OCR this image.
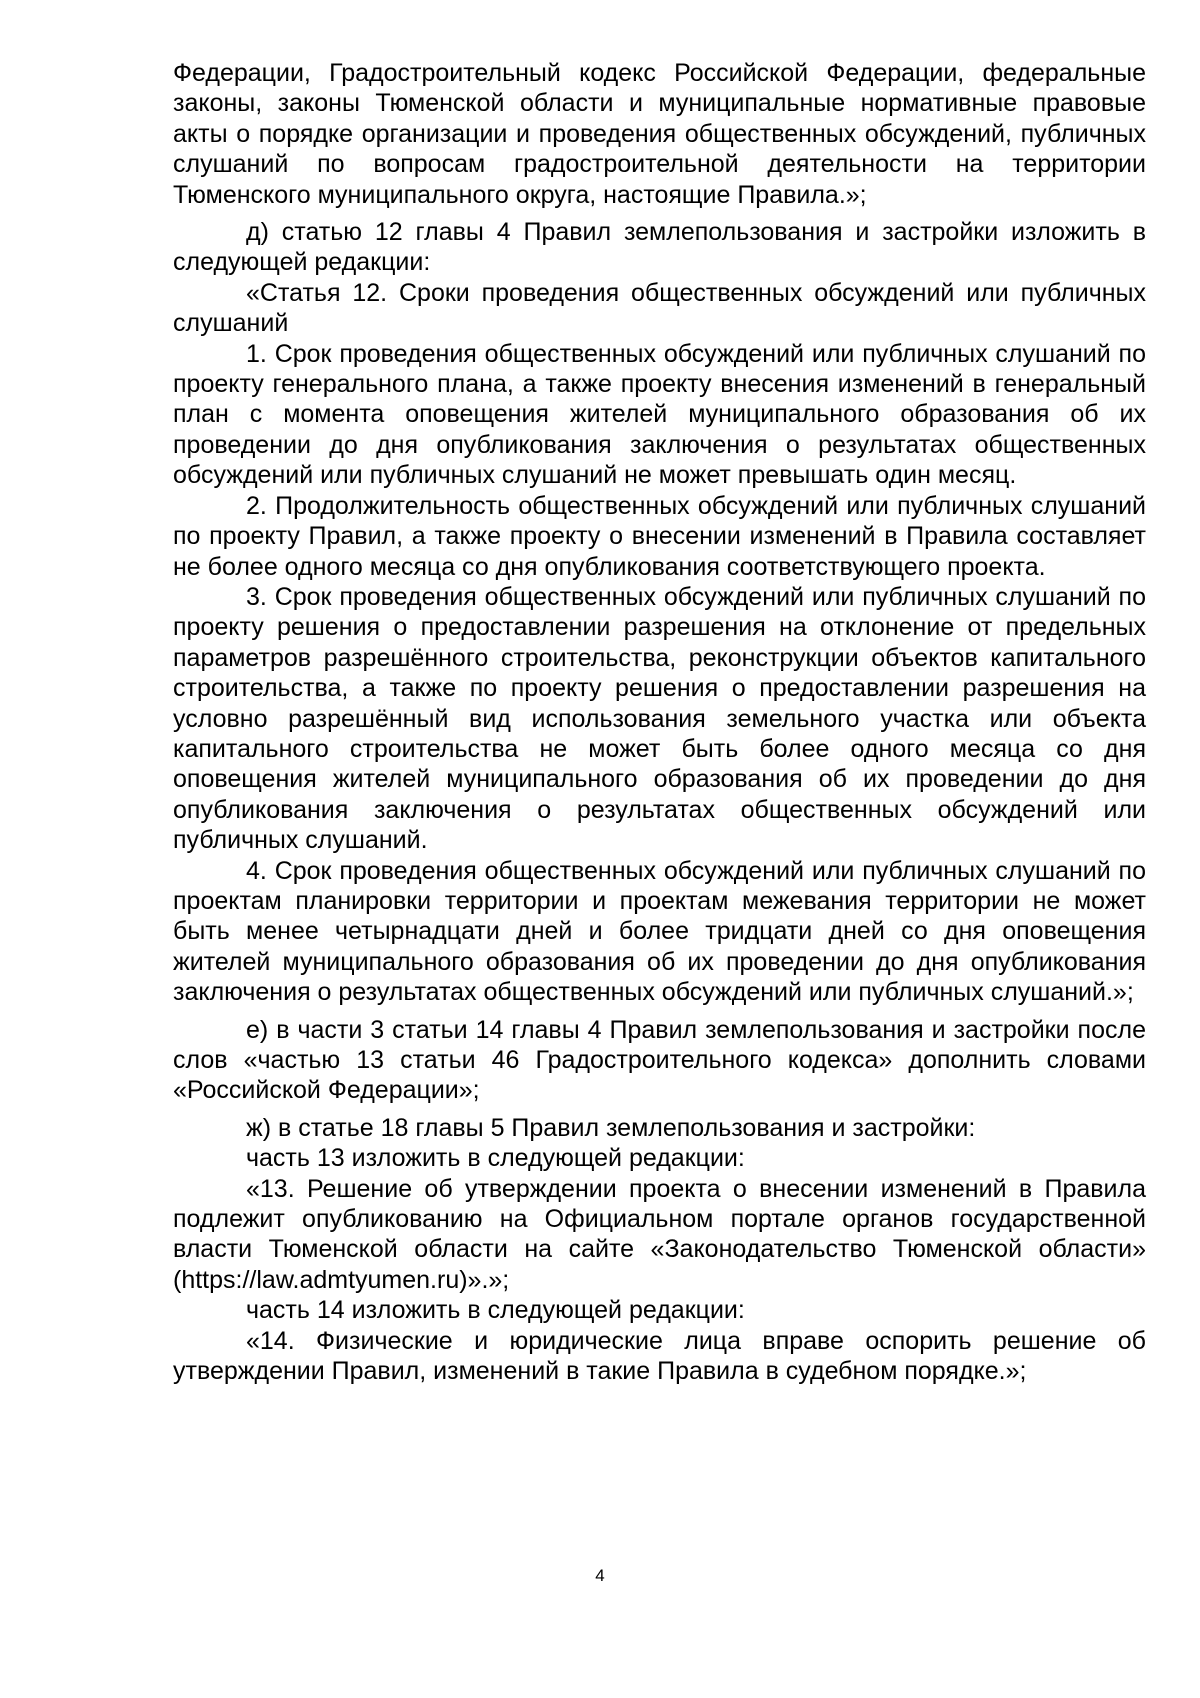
Федерации, Градостроительный кодекс Российской Федерации, федеральные законы, законы Тюменской области и муниципальные нормативные правовые акты о порядке организации и проведения общественных обсуждений, публичных слушаний по вопросам градостроительной деятельности на территории Тюменского муниципального округа, настоящие Правила.»;

д) статью 12 главы 4 Правил землепользования и застройки изложить в следующей редакции:

«Статья 12. Сроки проведения общественных обсуждений или публичных слушаний

1. Срок проведения общественных обсуждений или публичных слушаний по проекту генерального плана, а также проекту внесения изменений в генеральный план с момента оповещения жителей муниципального образования об их проведении до дня опубликования заключения о результатах общественных обсуждений или публичных слушаний не может превышать один месяц.

2. Продолжительность общественных обсуждений или публичных слушаний по проекту Правил, а также проекту о внесении изменений в Правила составляет не более одного месяца со дня опубликования соответствующего проекта.

3. Срок проведения общественных обсуждений или публичных слушаний по проекту решения о предоставлении разрешения на отклонение от предельных параметров разрешённого строительства, реконструкции объектов капитального строительства, а также по проекту решения о предоставлении разрешения на условно разрешённый вид использования земельного участка или объекта капитального строительства не может быть более одного месяца со дня оповещения жителей муниципального образования об их проведении до дня опубликования заключения о результатах общественных обсуждений или публичных слушаний.

4. Срок проведения общественных обсуждений или публичных слушаний по проектам планировки территории и проектам межевания территории не может быть менее четырнадцати дней и более тридцати дней со дня оповещения жителей муниципального образования об их проведении до дня опубликования заключения о результатах общественных обсуждений или публичных слушаний.»;

е) в части 3 статьи 14 главы 4 Правил землепользования и застройки после слов «частью 13 статьи 46 Градостроительного кодекса» дополнить словами «Российской Федерации»;

ж) в статье 18 главы 5 Правил землепользования и застройки:

часть 13 изложить в следующей редакции:

«13. Решение об утверждении проекта о внесении изменений в Правила подлежит опубликованию на Официальном портале органов государственной власти Тюменской области на сайте «Законодательство Тюменской области» (https://law.admtyumen.ru)».»;

часть 14 изложить в следующей редакции:

«14. Физические и юридические лица вправе оспорить решение об утверждении Правил, изменений в такие Правила в судебном порядке.»;

4
